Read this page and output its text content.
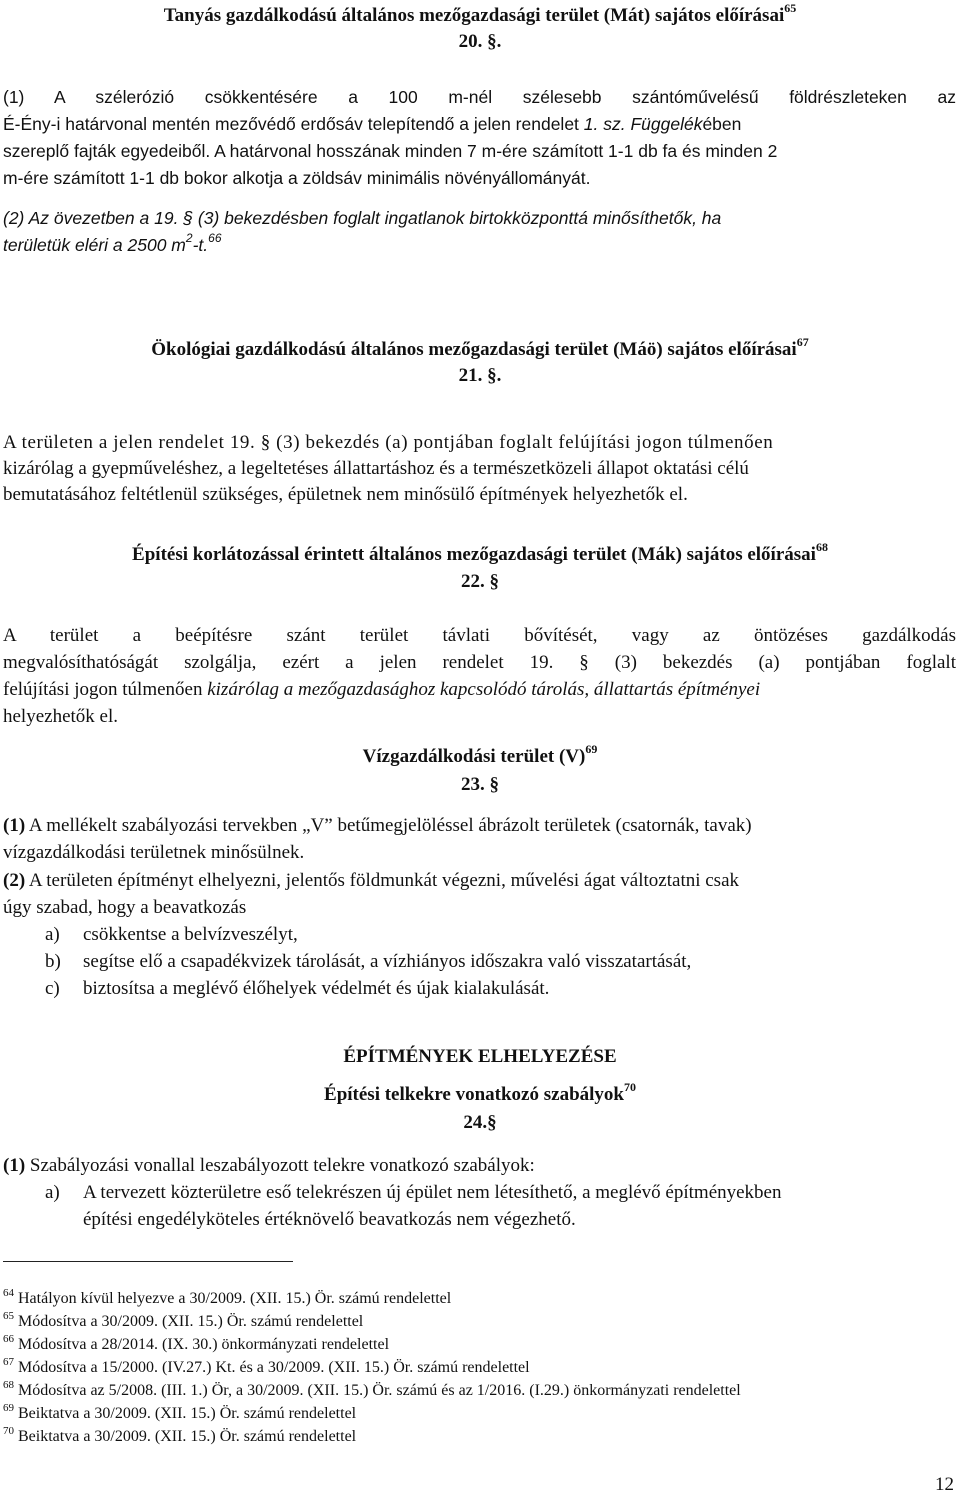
Tanyás gazdálkodású általános mezőgazdasági terület (Mát) sajátos előírásai$^{65}$
20. §.
(1) A szélerózió csökkentésére a 100 m-nél szélesebb szántóművelésű földrészleteken az
É-Ény-i határvonal mentén mezővédő erdősáv telepítendő a jelen rendelet 1. sz. Függelékében
szereplő fajták egyedeiből. A határvonal hosszának minden 7 m-ére számított 1-1 db fa és minden 2
m-ére számított 1-1 db bokor alkotja a zöldsáv minimális növényállományát.
(2) Az övezetben a 19. § (3) bekezdésben foglalt ingatlanok birtokközponttá minősíthetők, ha
területük eléri a 2500 $m^2-t.^{66}$
Ökológiai gazdálkodású általános mezőgazdasági terület (Máö) sajátos előírásai$^{67}$
21. §.
A területen a jelen rendelet 19. § (3) bekezdés (a) pontjában foglalt felújítási jogon túlmenően
kizárólag a gyepműveléshez, a legeltetéses állattartáshoz és a természetközeli állapot oktatási célú
bemutatásához feltétlenül szükséges, épületnek nem minősülő építmények helyezhetők el.
Építési korlátozással érintett általános mezőgazdasági terület (Mák) sajátos előírásai$^{68}$
22. §
A terület a beépítésre szánt terület távlati bővítését, vagy az öntözéses gazdálkodás
megvalósíthatóságát szolgálja, ezért a jelen rendelet 19. § (3) bekezdés (a) pontjában foglalt
felújítási jogon túlmenően kizárólag a mezőgazdasághoz kapcsolódó tárolás, állattartás építményei
helyezhetők el.
Vízgazdálkodási terület $(V)^{69}$
23. §
(1) A mellékelt szabályozási tervekben „V” betűmegjelöléssel ábrázolt területek (csatornák, tavak)
vízgazdálkodási területnek minősülnek.
(2) A területen építményt elhelyezni, jelentős földmunkát végezni, művelési ágat változtatni csak
úgy szabad, hogy a beavatkozás
a)	csökkentse a belvízveszélyt,
b)	segítse elő a csapadékvizek tárolását, a vízhiányos időszakra való visszatartását,
c)	biztosítsa a meglévő élőhelyek védelmét és újak kialakulását.
ÉPÍTMÉNYEK ELHELYEZÉSE
Építési telkekre vonatkozó szabályok$^{70}$
24.§
(1) Szabályozási vonallal leszabályozott telekre vonatkozó szabályok:
a)	A tervezett közterületre eső telekrészen új épület nem létesíthető, a meglévő építményekben
építési engedélyköteles értéknövelő beavatkozás nem végezhető.
$^{64}$ Hatályon kívül helyezve a 30/2009. (XII. 15.) Ör. számú rendelettel
$^{65}$ Módosítva a 30/2009. (XII. 15.) Ör. számú rendelettel
$^{66}$ Módosítva a 28/2014. (IX. 30.) önkormányzati rendelettel
$^{67}$ Módosítva a 15/2000. (IV.27.) Kt. és a 30/2009. (XII. 15.) Ör. számú rendelettel
$^{68}$ Módosítva az 5/2008. (III. 1.) Ör, a 30/2009. (XII. 15.) Ör. számú és az 1/2016. (I.29.) önkormányzati rendelettel
$^{69}$ Beiktatva a 30/2009. (XII. 15.) Ör. számú rendelettel
$^{70}$ Beiktatva a 30/2009. (XII. 15.) Ör. számú rendelettel
12
